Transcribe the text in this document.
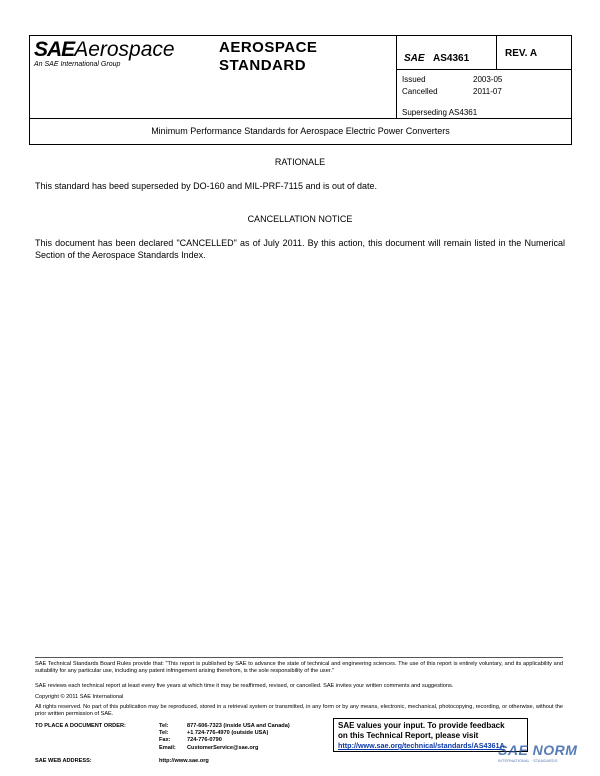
SAEAerospace
An SAE International Group
AEROSPACE
STANDARD	SAE AS4361	REV. A
Issued	2003-05
Cancelled	2011-07
Superseding AS4361
Minimum Performance Standards for Aerospace Electric Power Converters
RATIONALE
This standard has beed superseded by DO-160 and MIL-PRF-7115 and is out of date.
CANCELLATION NOTICE
This document has been declared "CANCELLED" as of July 2011. By this action, this document will remain listed in the Numerical Section of the Aerospace Standards Index.
SAE Technical Standards Board Rules provide that: "This report is published by SAE to advance the state of technical and engineering sciences. The use of this report is entirely voluntary, and its applicability and suitability for any particular use, including any patent infringement arising therefrom, is the sole responsibility of the user."
SAE reviews each technical report at least every five years at which time it may be reaffirmed, revised, or cancelled. SAE invites your written comments and suggestions.
Copyright © 2011 SAE International
All rights reserved. No part of this publication may be reproduced, stored in a retrieval system or transmitted, in any form or by any means, electronic, mechanical, photocopying, recording, or otherwise, without the prior written permission of SAE.
TO PLACE A DOCUMENT ORDER:	Tel:	877-606-7323 (inside USA and Canada)
Tel:	+1 724-776-4970 (outside USA)
Fax:	724-776-0790
Email:	CustomerService@sae.org
SAE WEB ADDRESS:	http://www.sae.org
SAE values your input. To provide feedback
on this Technical Report, please visit
http://www.sae.org/technical/standards/AS4361A
SAE NORM
INTERNATIONAL · STANDARDS
